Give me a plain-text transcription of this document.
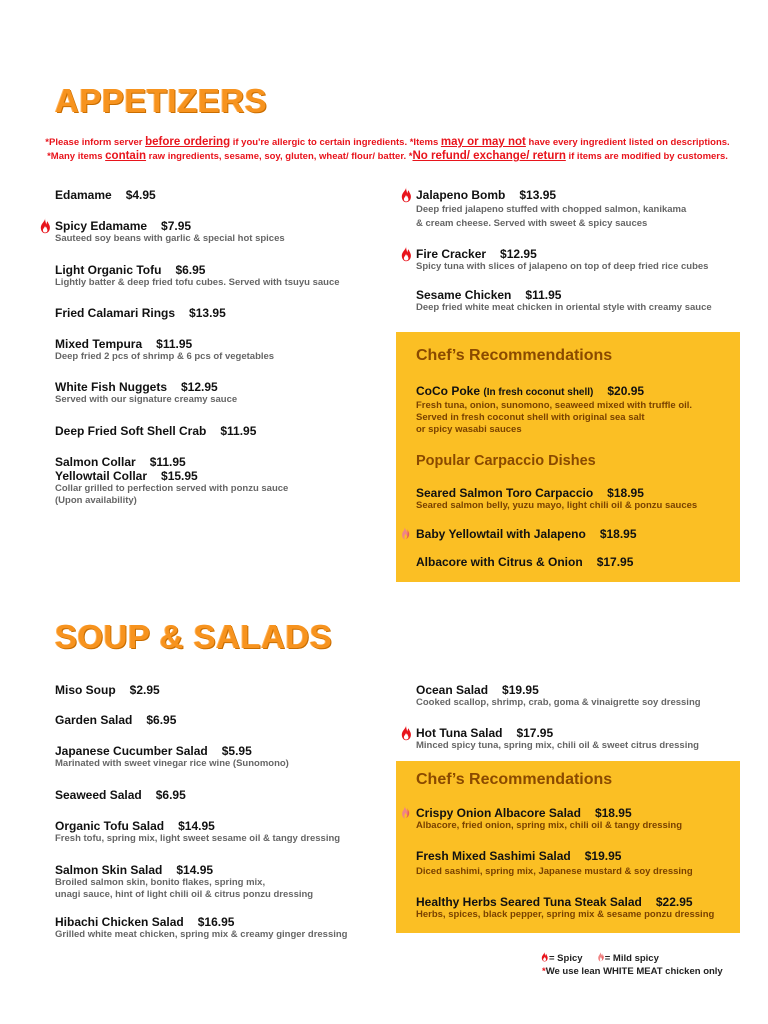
APPETIZERS
*Please inform server before ordering if you're allergic to certain ingredients. *Items may or may not have every ingredient listed on descriptions.
*Many items contain raw ingredients, sesame, soy, gluten, wheat/ flour/ batter. *No refund/ exchange/ return if items are modified by customers.
Edamame $4.95
Spicy Edamame $7.95
Sauteed soy beans with garlic & special hot spices
Light Organic Tofu $6.95
Lightly batter & deep fried tofu cubes. Served with tsuyu sauce
Fried Calamari Rings $13.95
Mixed Tempura $11.95
Deep fried 2 pcs of shrimp & 6 pcs of vegetables
White Fish Nuggets $12.95
Served with our signature creamy sauce
Deep Fried Soft Shell Crab $11.95
Salmon Collar $11.95
Yellowtail Collar $15.95
Collar grilled to perfection served with ponzu sauce
(Upon availability)
Jalapeno Bomb $13.95
Deep fried jalapeno stuffed with chopped salmon, kanikama
& cream cheese. Served with sweet & spicy sauces
Fire Cracker $12.95
Spicy tuna with slices of jalapeno on top of deep fried rice cubes
Sesame Chicken $11.95
Deep fried white meat chicken in oriental style with creamy sauce
Chef’s Recommendations
CoCo Poke (In fresh coconut shell) $20.95
Fresh tuna, onion, sunomono, seaweed mixed with truffle oil.
Served in fresh coconut shell with original sea salt
or spicy wasabi sauces
Popular Carpaccio Dishes
Seared Salmon Toro Carpaccio $18.95
Seared salmon belly, yuzu mayo, light chili oil & ponzu sauces
Baby Yellowtail with Jalapeno $18.95
Albacore with Citrus & Onion $17.95
SOUP & SALADS
Miso Soup $2.95
Garden Salad $6.95
Japanese Cucumber Salad $5.95
Marinated with sweet vinegar rice wine (Sunomono)
Seaweed Salad $6.95
Organic Tofu Salad $14.95
Fresh tofu, spring mix, light sweet sesame oil & tangy dressing
Salmon Skin Salad $14.95
Broiled salmon skin, bonito flakes, spring mix,
unagi sauce, hint of light chili oil & citrus ponzu dressing
Hibachi Chicken Salad $16.95
Grilled white meat chicken, spring mix & creamy ginger dressing
Ocean Salad $19.95
Cooked scallop, shrimp, crab, goma & vinaigrette soy dressing
Hot Tuna Salad $17.95
Minced spicy tuna, spring mix, chili oil & sweet citrus dressing
Chef’s Recommendations
Crispy Onion Albacore Salad $18.95
Albacore, fried onion, spring mix, chili oil & tangy dressing
Fresh Mixed Sashimi Salad $19.95
Diced sashimi, spring mix, Japanese mustard & soy dressing
Healthy Herbs Seared Tuna Steak Salad $22.95
Herbs, spices, black pepper, spring mix & sesame ponzu dressing
= Spicy = Mild spicy
*We use lean WHITE MEAT chicken only
